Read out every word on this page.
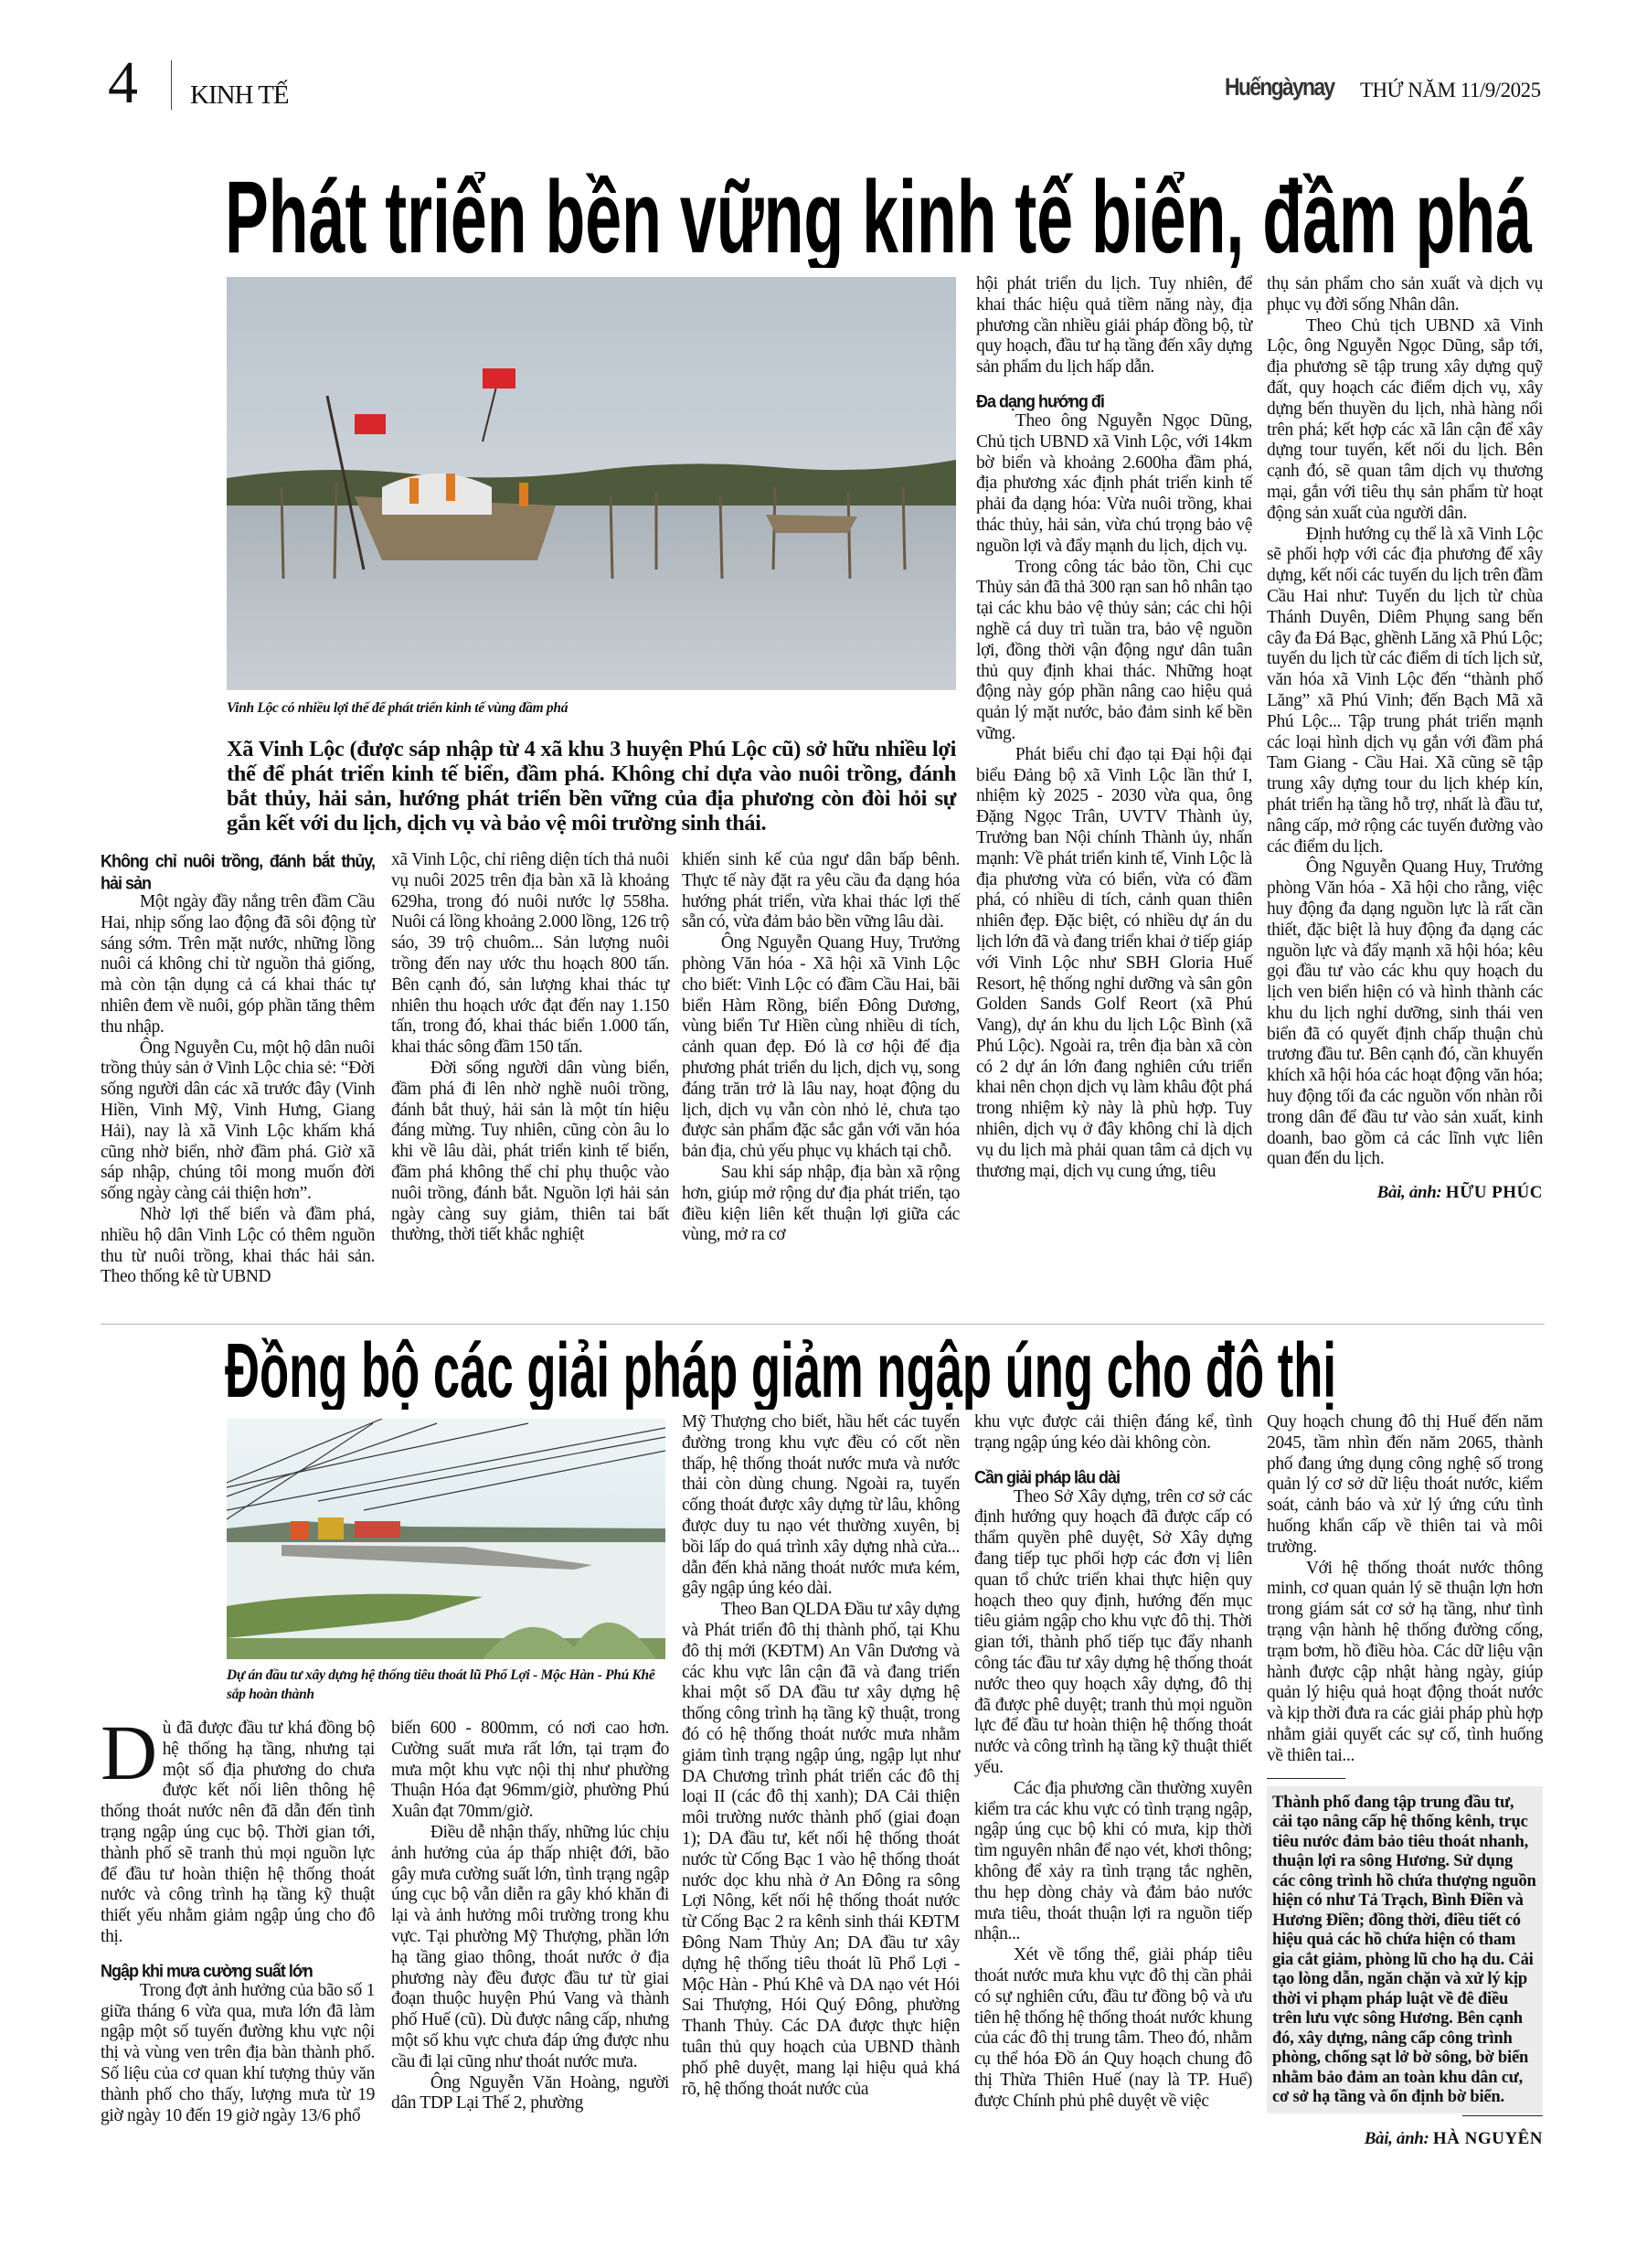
4 KINH TẾ	Huếngàynay THỨ NĂM 11/9/2025
Phát triển bền vững kinh tế biển, đầm phá
Vinh Lộc có nhiều lợi thế để phát triển kinh tế vùng đầm phá
Xã Vinh Lộc (được sáp nhập từ 4 xã khu 3 huyện Phú Lộc cũ) sở hữu nhiều lợi thế để phát triển kinh tế biển, đầm phá. Không chỉ dựa vào nuôi trồng, đánh bắt thủy, hải sản, hướng phát triển bền vững của địa phương còn đòi hỏi sự gắn kết với du lịch, dịch vụ và bảo vệ môi trường sinh thái.
Không chỉ nuôi trồng, đánh bắt thủy, hải sản

Một ngày đầy nắng trên đầm Cầu Hai, nhịp sống lao động đã sôi động từ sáng sớm. Trên mặt nước, những lồng nuôi cá không chỉ từ nguồn thả giống, mà còn tận dụng cả cá khai thác tự nhiên đem về nuôi, góp phần tăng thêm thu nhập.

Ông Nguyễn Cu, một hộ dân nuôi trồng thủy sản ở Vinh Lộc chia sẻ: “Đời sống người dân các xã trước đây (Vinh Hiền, Vinh Mỹ, Vinh Hưng, Giang Hải), nay là xã Vinh Lộc khấm khá cũng nhờ biển, nhờ đầm phá. Giờ xã sáp nhập, chúng tôi mong muốn đời sống ngày càng cải thiện hơn”.

Nhờ lợi thế biển và đầm phá, nhiều hộ dân Vinh Lộc có thêm nguồn thu từ nuôi trồng, khai thác hải sản. Theo thống kê từ UBND

xã Vinh Lộc, chỉ riêng diện tích thả nuôi vụ nuôi 2025 trên địa bàn xã là khoảng 629ha, trong đó nuôi nước lợ 558ha. Nuôi cá lồng khoảng 2.000 lồng, 126 trộ sáo, 39 trộ chuôm... Sản lượng nuôi trồng đến nay ước thu hoạch 800 tấn. Bên cạnh đó, sản lượng khai thác tự nhiên thu hoạch ước đạt đến nay 1.150 tấn, trong đó, khai thác biển 1.000 tấn, khai thác sông đầm 150 tấn.

Đời sống người dân vùng biển, đầm phá đi lên nhờ nghề nuôi trồng, đánh bắt thuỷ, hải sản là một tín hiệu đáng mừng. Tuy nhiên, cũng còn âu lo khi về lâu dài, phát triển kinh tế biển, đầm phá không thể chỉ phụ thuộc vào nuôi trồng, đánh bắt. Nguồn lợi hải sản ngày càng suy giảm, thiên tai bất thường, thời tiết khắc nghiệt

khiến sinh kế của ngư dân bấp bênh. Thực tế này đặt ra yêu cầu đa dạng hóa hướng phát triển, vừa khai thác lợi thế sẵn có, vừa đảm bảo bền vững lâu dài.

Ông Nguyễn Quang Huy, Trưởng phòng Văn hóa - Xã hội xã Vinh Lộc cho biết: Vinh Lộc có đầm Cầu Hai, bãi biển Hàm Rồng, biển Đông Dương, vùng biển Tư Hiền cùng nhiều di tích, cảnh quan đẹp. Đó là cơ hội để địa phương phát triển du lịch, dịch vụ, song đáng trăn trở là lâu nay, hoạt động du lịch, dịch vụ vẫn còn nhỏ lẻ, chưa tạo được sản phẩm đặc sắc gắn với văn hóa bản địa, chủ yếu phục vụ khách tại chỗ.

Sau khi sáp nhập, địa bàn xã rộng hơn, giúp mở rộng dư địa phát triển, tạo điều kiện liên kết thuận lợi giữa các vùng, mở ra cơ

hội phát triển du lịch. Tuy nhiên, để khai thác hiệu quả tiềm năng này, địa phương cần nhiều giải pháp đồng bộ, từ quy hoạch, đầu tư hạ tầng đến xây dựng sản phẩm du lịch hấp dẫn.

Đa dạng hướng đi

Theo ông Nguyễn Ngọc Dũng, Chủ tịch UBND xã Vinh Lộc, với 14km bờ biển và khoảng 2.600ha đầm phá, địa phương xác định phát triển kinh tế phải đa dạng hóa: Vừa nuôi trồng, khai thác thủy, hải sản, vừa chú trọng bảo vệ nguồn lợi và đẩy mạnh du lịch, dịch vụ.

Trong công tác bảo tồn, Chi cục Thủy sản đã thả 300 rạn san hô nhân tạo tại các khu bảo vệ thủy sản; các chi hội nghề cá duy trì tuần tra, bảo vệ nguồn lợi, đồng thời vận động ngư dân tuân thủ quy định khai thác. Những hoạt động này góp phần nâng cao hiệu quả quản lý mặt nước, bảo đảm sinh kế bền vững.

Phát biểu chỉ đạo tại Đại hội đại biểu Đảng bộ xã Vinh Lộc lần thứ I, nhiệm kỳ 2025 - 2030 vừa qua, ông Đặng Ngọc Trân, UVTV Thành ủy, Trưởng ban Nội chính Thành ủy, nhấn mạnh: Về phát triển kinh tế, Vinh Lộc là địa phương vừa có biển, vừa có đầm phá, có nhiều di tích, cảnh quan thiên nhiên đẹp. Đặc biệt, có nhiều dự án du lịch lớn đã và đang triển khai ở tiếp giáp với Vinh Lộc như SBH Gloria Huế Resort, hệ thống nghỉ dưỡng và sân gôn Golden Sands Golf Reort (xã Phú Vang), dự án khu du lịch Lộc Bình (xã Phú Lộc). Ngoài ra, trên địa bàn xã còn có 2 dự án lớn đang nghiên cứu triển khai nên chọn dịch vụ làm khâu đột phá trong nhiệm kỳ này là phù hợp. Tuy nhiên, dịch vụ ở đây không chỉ là dịch vụ du lịch mà phải quan tâm cả dịch vụ thương mại, dịch vụ cung ứng, tiêu

thụ sản phẩm cho sản xuất và dịch vụ phục vụ đời sống Nhân dân.

Theo Chủ tịch UBND xã Vinh Lộc, ông Nguyễn Ngọc Dũng, sắp tới, địa phương sẽ tập trung xây dựng quỹ đất, quy hoạch các điểm dịch vụ, xây dựng bến thuyền du lịch, nhà hàng nổi trên phá; kết hợp các xã lân cận để xây dựng tour tuyến, kết nối du lịch. Bên cạnh đó, sẽ quan tâm dịch vụ thương mại, gắn với tiêu thụ sản phẩm từ hoạt động sản xuất của người dân.

Định hướng cụ thể là xã Vinh Lộc sẽ phối hợp với các địa phương để xây dựng, kết nối các tuyến du lịch trên đầm Cầu Hai như: Tuyến du lịch từ chùa Thánh Duyên, Diêm Phụng sang bến cây đa Đá Bạc, ghềnh Lăng xã Phú Lộc; tuyến du lịch từ các điểm di tích lịch sử, văn hóa xã Vinh Lộc đến “thành phố Lăng” xã Phú Vinh; đến Bạch Mã xã Phú Lộc... Tập trung phát triển mạnh các loại hình dịch vụ gắn với đầm phá Tam Giang - Cầu Hai. Xã cũng sẽ tập trung xây dựng tour du lịch khép kín, phát triển hạ tầng hỗ trợ, nhất là đầu tư, nâng cấp, mở rộng các tuyến đường vào các điểm du lịch.

Ông Nguyễn Quang Huy, Trưởng phòng Văn hóa - Xã hội cho rằng, việc huy động đa dạng nguồn lực là rất cần thiết, đặc biệt là huy động đa dạng các nguồn lực và đẩy mạnh xã hội hóa; kêu gọi đầu tư vào các khu quy hoạch du lịch ven biển hiện có và hình thành các khu du lịch nghỉ dưỡng, sinh thái ven biển đã có quyết định chấp thuận chủ trương đầu tư. Bên cạnh đó, cần khuyến khích xã hội hóa các hoạt động văn hóa; huy động tối đa các nguồn vốn nhàn rỗi trong dân để đầu tư vào sản xuất, kinh doanh, bao gồm cả các lĩnh vực liên quan đến du lịch.

Bài, ảnh: HỮU PHÚC

Đồng bộ các giải pháp giảm ngập úng cho đô thị
Dự án đầu tư xây dựng hệ thống tiêu thoát lũ Phổ Lợi - Mộc Hàn - Phú Khê sắp hoàn thành
D ù đã được đầu tư khá đồng bộ hệ thống hạ tầng, nhưng tại một số địa phương do chưa được kết nối liên thông hệ thống thoát nước nên đã dẫn đến tình trạng ngập úng cục bộ. Thời gian tới, thành phố sẽ tranh thủ mọi nguồn lực để đầu tư hoàn thiện hệ thống thoát nước và công trình hạ tầng kỹ thuật thiết yếu nhằm giảm ngập úng cho đô thị.

Ngập khi mưa cường suất lớn

Trong đợt ảnh hưởng của bão số 1 giữa tháng 6 vừa qua, mưa lớn đã làm ngập một số tuyến đường khu vực nội thị và vùng ven trên địa bàn thành phố. Số liệu của cơ quan khí tượng thủy văn thành phố cho thấy, lượng mưa từ 19 giờ ngày 10 đến 19 giờ ngày 13/6 phổ

biến 600 - 800mm, có nơi cao hơn. Cường suất mưa rất lớn, tại trạm đo mưa một khu vực nội thị như phường Thuận Hóa đạt 96mm/giờ, phường Phú Xuân đạt 70mm/giờ.

Điều dễ nhận thấy, những lúc chịu ảnh hưởng của áp thấp nhiệt đới, bão gây mưa cường suất lớn, tình trạng ngập úng cục bộ vẫn diễn ra gây khó khăn đi lại và ảnh hưởng môi trường trong khu vực. Tại phường Mỹ Thượng, phần lớn hạ tầng giao thông, thoát nước ở địa phương này đều được đầu tư từ giai đoạn thuộc huyện Phú Vang và thành phố Huế (cũ). Dù được nâng cấp, nhưng một số khu vực chưa đáp ứng được nhu cầu đi lại cũng như thoát nước mưa.

Ông Nguyễn Văn Hoàng, người dân TDP Lại Thế 2, phường

Mỹ Thượng cho biết, hầu hết các tuyến đường trong khu vực đều có cốt nền thấp, hệ thống thoát nước mưa và nước thải còn dùng chung. Ngoài ra, tuyến cống thoát được xây dựng từ lâu, không được duy tu nạo vét thường xuyên, bị bồi lấp do quá trình xây dựng nhà cửa... dẫn đến khả năng thoát nước mưa kém, gây ngập úng kéo dài.

Theo Ban QLDA Đầu tư xây dựng và Phát triển đô thị thành phố, tại Khu đô thị mới (KĐTM) An Vân Dương và các khu vực lân cận đã và đang triển khai một số DA đầu tư xây dựng hệ thống công trình hạ tầng kỹ thuật, trong đó có hệ thống thoát nước mưa nhằm giảm tình trạng ngập úng, ngập lụt như DA Chương trình phát triển các đô thị loại II (các đô thị xanh); DA Cải thiện môi trường nước thành phố (giai đoạn 1); DA đầu tư, kết nối hệ thống thoát nước từ Cống Bạc 1 vào hệ thống thoát nước dọc khu nhà ở An Đông ra sông Lợi Nông, kết nối hệ thống thoát nước từ Cống Bạc 2 ra kênh sinh thái KĐTM Đông Nam Thủy An; DA đầu tư xây dựng hệ thống tiêu thoát lũ Phổ Lợi - Mộc Hàn - Phú Khê và DA nạo vét Hói Sai Thượng, Hói Quý Đông, phường Thanh Thủy. Các DA được thực hiện tuân thủ quy hoạch của UBND thành phố phê duyệt, mang lại hiệu quả khá rõ, hệ thống thoát nước của

khu vực được cải thiện đáng kể, tình trạng ngập úng kéo dài không còn.

Cần giải pháp lâu dài

Theo Sở Xây dựng, trên cơ sở các định hướng quy hoạch đã được cấp có thẩm quyền phê duyệt, Sở Xây dựng đang tiếp tục phối hợp các đơn vị liên quan tổ chức triển khai thực hiện quy hoạch theo quy định, hướng đến mục tiêu giảm ngập cho khu vực đô thị. Thời gian tới, thành phố tiếp tục đẩy nhanh công tác đầu tư xây dựng hệ thống thoát nước theo quy hoạch xây dựng, đô thị đã được phê duyệt; tranh thủ mọi nguồn lực để đầu tư hoàn thiện hệ thống thoát nước và công trình hạ tầng kỹ thuật thiết yếu.

Các địa phương cần thường xuyên kiểm tra các khu vực có tình trạng ngập, ngập úng cục bộ khi có mưa, kịp thời tìm nguyên nhân để nạo vét, khơi thông; không để xảy ra tình trạng tắc nghẽn, thu hẹp dòng chảy và đảm bảo nước mưa tiêu, thoát thuận lợi ra nguồn tiếp nhận...

Xét về tổng thể, giải pháp tiêu thoát nước mưa khu vực đô thị cần phải có sự nghiên cứu, đầu tư đồng bộ và ưu tiên hệ thống hệ thống thoát nước khung của các đô thị trung tâm. Theo đó, nhằm cụ thể hóa Đồ án Quy hoạch chung đô thị Thừa Thiên Huế (nay là TP. Huế) được Chính phủ phê duyệt về việc

Quy hoạch chung đô thị Huế đến năm 2045, tầm nhìn đến năm 2065, thành phố đang ứng dụng công nghệ số trong quản lý cơ sở dữ liệu thoát nước, kiểm soát, cảnh báo và xử lý ứng cứu tình huống khẩn cấp về thiên tai và môi trường.

Với hệ thống thoát nước thông minh, cơ quan quản lý sẽ thuận lợn hơn trong giám sát cơ sở hạ tầng, như tình trạng vận hành hệ thống đường cống, trạm bơm, hồ điều hòa. Các dữ liệu vận hành được cập nhật hàng ngày, giúp quản lý hiệu quả hoạt động thoát nước và kịp thời đưa ra các giải pháp phù hợp nhằm giải quyết các sự cố, tình huống về thiên tai...

Thành phố đang tập trung đầu tư, cải tạo nâng cấp hệ thống kênh, trục tiêu nước đảm bảo tiêu thoát nhanh, thuận lợi ra sông Hương. Sử dụng các công trình hồ chứa thượng nguồn hiện có như Tả Trạch, Bình Điền và Hương Điền; đồng thời, điều tiết có hiệu quả các hồ chứa hiện có tham gia cắt giảm, phòng lũ cho hạ du. Cải tạo lòng dẫn, ngăn chặn và xử lý kịp thời vi phạm pháp luật về đê điều trên lưu vực sông Hương. Bên cạnh đó, xây dựng, nâng cấp công trình phòng, chống sạt lở bờ sông, bờ biển nhằm bảo đảm an toàn khu dân cư, cơ sở hạ tầng và ổn định bờ biển.

Bài, ảnh: HÀ NGUYÊN
